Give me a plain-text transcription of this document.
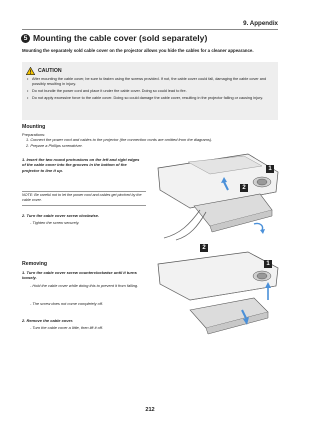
9. Appendix
5 Mounting the cable cover (sold separately)
Mounting the separately sold cable cover on the projector allows you hide the cables for a cleaner appearance.
CAUTION
• After mounting the cable cover, be sure to fasten using the screws provided. If not, the cable cover could fall, damaging the cable cover and possibly resulting in injury.
• Do not bundle the power cord and place it under the cable cover. Doing so could lead to fire.
• Do not apply excessive force to the cable cover. Doing so could damage the cable cover, resulting in the projector falling or causing injury.
Mounting
Preparations:
1. Connect the power cord and cables to the projector (the connection cords are omitted from the diagrams).
2. Prepare a Phillips screwdriver.
1. Insert the two round protrusions on the left and right edges of the cable cover into the grooves in the bottom of the projector to line it up.
NOTE: Be careful not to let the power cord and cables get pinched by the cable cover.
2. Turn the cable cover screw clockwise.
- Tighten the screw securely.
1
2
Removing
1. Turn the cable cover screw counterclockwise until it turns loosely.
- Hold the cable cover while doing this to prevent it from falling.
- The screw does not come completely off.
2. Remove the cable cover.
- Turn the cable cover a little, then lift it off.
2
1
212
